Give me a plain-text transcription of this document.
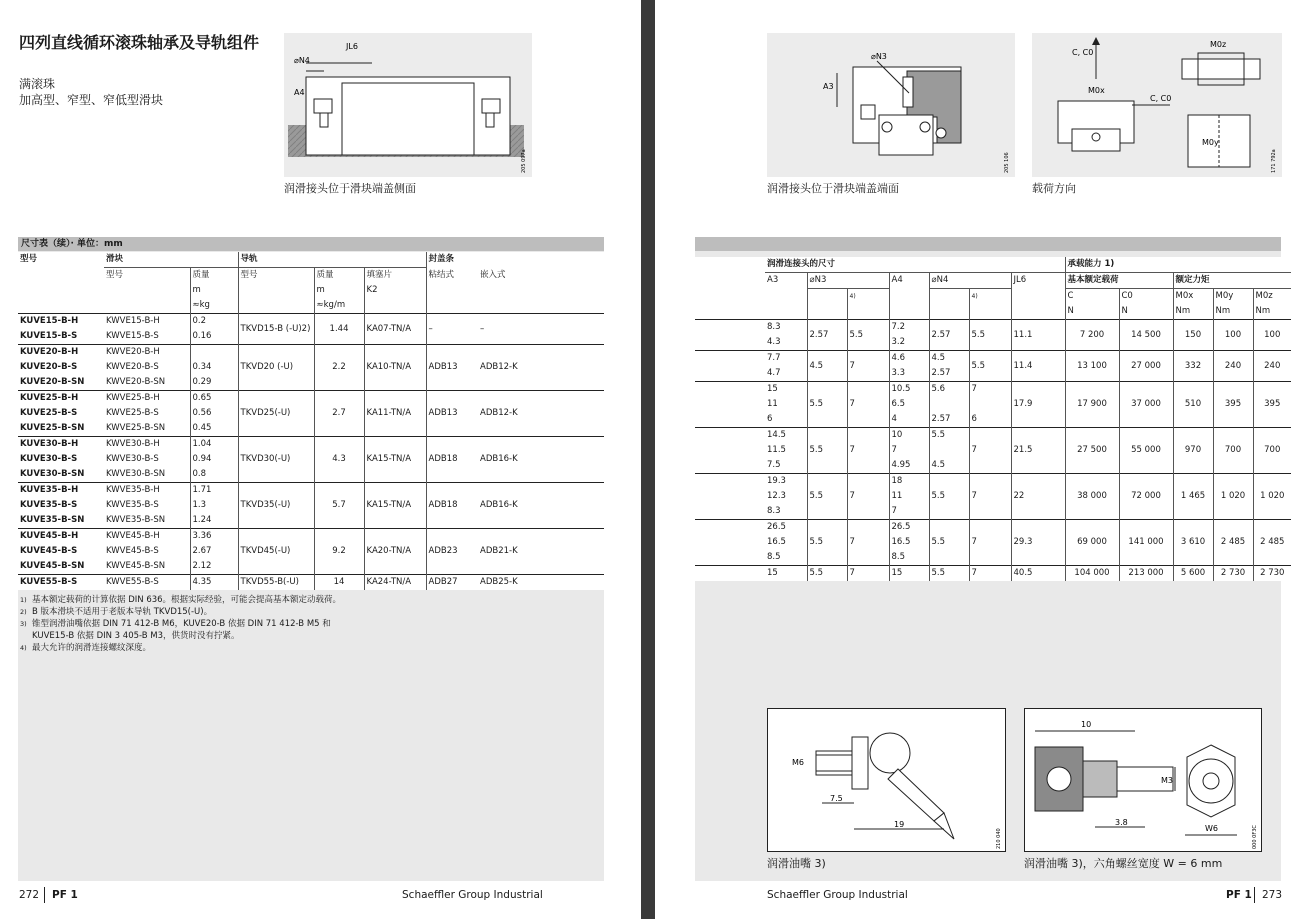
四列直线循环滚珠轴承及导轨组件
满滚珠
加高型、窄型、窄低型滑块
JL6
⌀N4
A4
205 097a
润滑接头位于滑块端盖侧面
尺寸表（续）· 单位：mm
型号	滑块		导轨			封盖条	
	型号	质量	型号	质量	填塞片	粘结式	嵌入式
		m		m	K2		
		≈kg		≈kg/m			
KUVE15-B-H	KWVE15-B-H	0.2	TKVD15-B (-U)2)	1.44	KA07-TN/A	–	–
KUVE15-B-S	KWVE15-B-S	0.16					
KUVE20-B-H	KWVE20-B-H		TKVD20 (-U)	2.2	KA10-TN/A	ADB13	ADB12-K
KUVE20-B-S	KWVE20-B-S	0.34					
KUVE20-B-SN	KWVE20-B-SN	0.29					
KUVE25-B-H	KWVE25-B-H	0.65	TKVD25(-U)	2.7	KA11-TN/A	ADB13	ADB12-K
KUVE25-B-S	KWVE25-B-S	0.56					
KUVE25-B-SN	KWVE25-B-SN	0.45					
KUVE30-B-H	KWVE30-B-H	1.04	TKVD30(-U)	4.3	KA15-TN/A	ADB18	ADB16-K
KUVE30-B-S	KWVE30-B-S	0.94					
KUVE30-B-SN	KWVE30-B-SN	0.8					
KUVE35-B-H	KWVE35-B-H	1.71	TKVD35(-U)	5.7	KA15-TN/A	ADB18	ADB16-K
KUVE35-B-S	KWVE35-B-S	1.3					
KUVE35-B-SN	KWVE35-B-SN	1.24					
KUVE45-B-H	KWVE45-B-H	3.36	TKVD45(-U)	9.2	KA20-TN/A	ADB23	ADB21-K
KUVE45-B-S	KWVE45-B-S	2.67					
KUVE45-B-SN	KWVE45-B-SN	2.12					
KUVE55-B-S	KWVE55-B-S	4.35	TKVD55-B(-U)	14	KA24-TN/A	ADB27	ADB25-K
1) 基本额定载荷的计算依据 DIN 636。根据实际经验，可能会提高基本额定动载荷。
2) B 版本滑块不适用于老版本导轨 TKVD15(-U)。
3) 锥型润滑油嘴依据 DIN 71 412-B M6，KUVE20-B 依据 DIN 71 412-B M5 和
KUVE15-B 依据 DIN 3 405-B M3，供货时没有拧紧。
4) 最大允许的润滑连接螺纹深度。
272 PF 1	Schaeffler Group Industrial
⌀N3
A3
205 106
润滑接头位于滑块端盖端面
C, C0
M0x
C, C0
M0z
M0y
171 792a
载荷方向
	润滑连接头的尺寸							承载能力 1)				
	A3	⌀N3		A4	⌀N4		JL6	基本额定载荷		额定力矩		
			4)			4)		C	C0	M0x	M0y	M0z
								N	N	Nm	Nm	Nm
	8.3	2.57	5.5	7.2	2.57	5.5	11.1	7 200	14 500	150	100	100
	4.3			3.2								
	7.7	4.5	7	4.6	4.5	5.5	11.4	13 100	27 000	332	240	240

	4.7			3.3	2.57							
	15	5.5	7	10.5	5.6	7	17.9	17 900	37 000	510	395	395
	11			6.5								
	6			4	2.57	6						
	14.5	5.5	7	10	5.5	7	21.5	27 500	55 000	970	700	700
	11.5			7								
	7.5			4.95	4.5							
	19.3	5.5	7	18	5.5	7	22	38 000	72 000	1 465	1 020	1 020
	12.3			11								
	8.3			7								
	26.5	5.5	7	26.5	5.5	7	29.3	69 000	141 000	3 610	2 485	2 485
	16.5			16.5								
	8.5			8.5								
	15	5.5	7	15	5.5	7	40.5	104 000	213 000	5 600	2 730	2 730
M6
7.5
19
210 040
润滑油嘴 3)
10
M3
3.8
W6	000 0F3C
润滑油嘴 3)，六角螺丝宽度 W = 6 mm
Schaeffler Group Industrial	PF 1 273
